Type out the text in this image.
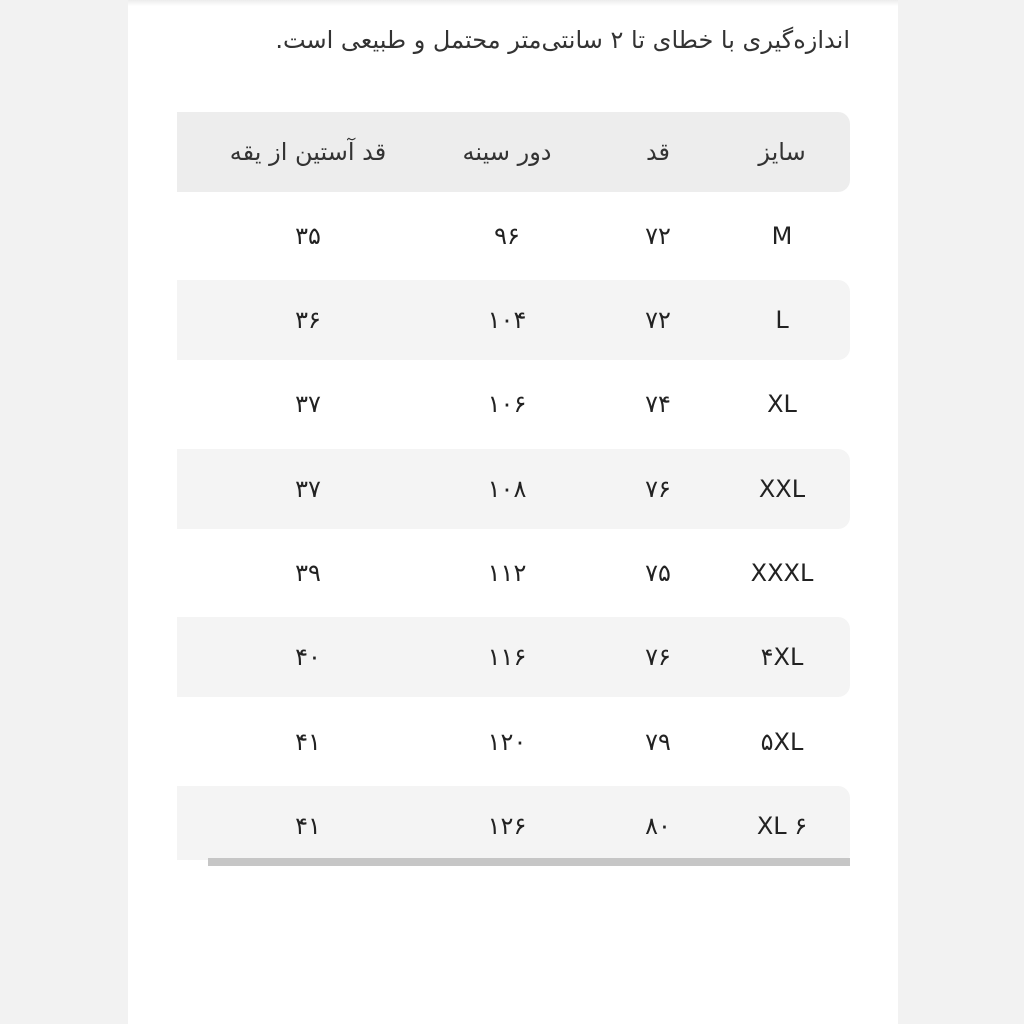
اندازه‌گیری با خطای تا ۲ سانتی‌متر محتمل و طبیعی است.
سایز
قد
دور سینه
قد آستین از یقه
M
۷۲
۹۶
۳۵
L
۷۲
۱۰۴
۳۶
XL
۷۴
۱۰۶
۳۷
XXL
۷۶
۱۰۸
۳۷
XXXL
۷۵
۱۱۲
۳۹
۴XL
۷۶
۱۱۶
۴۰
۵XL
۷۹
۱۲۰
۴۱
XL ۶
۸۰
۱۲۶
۴۱
